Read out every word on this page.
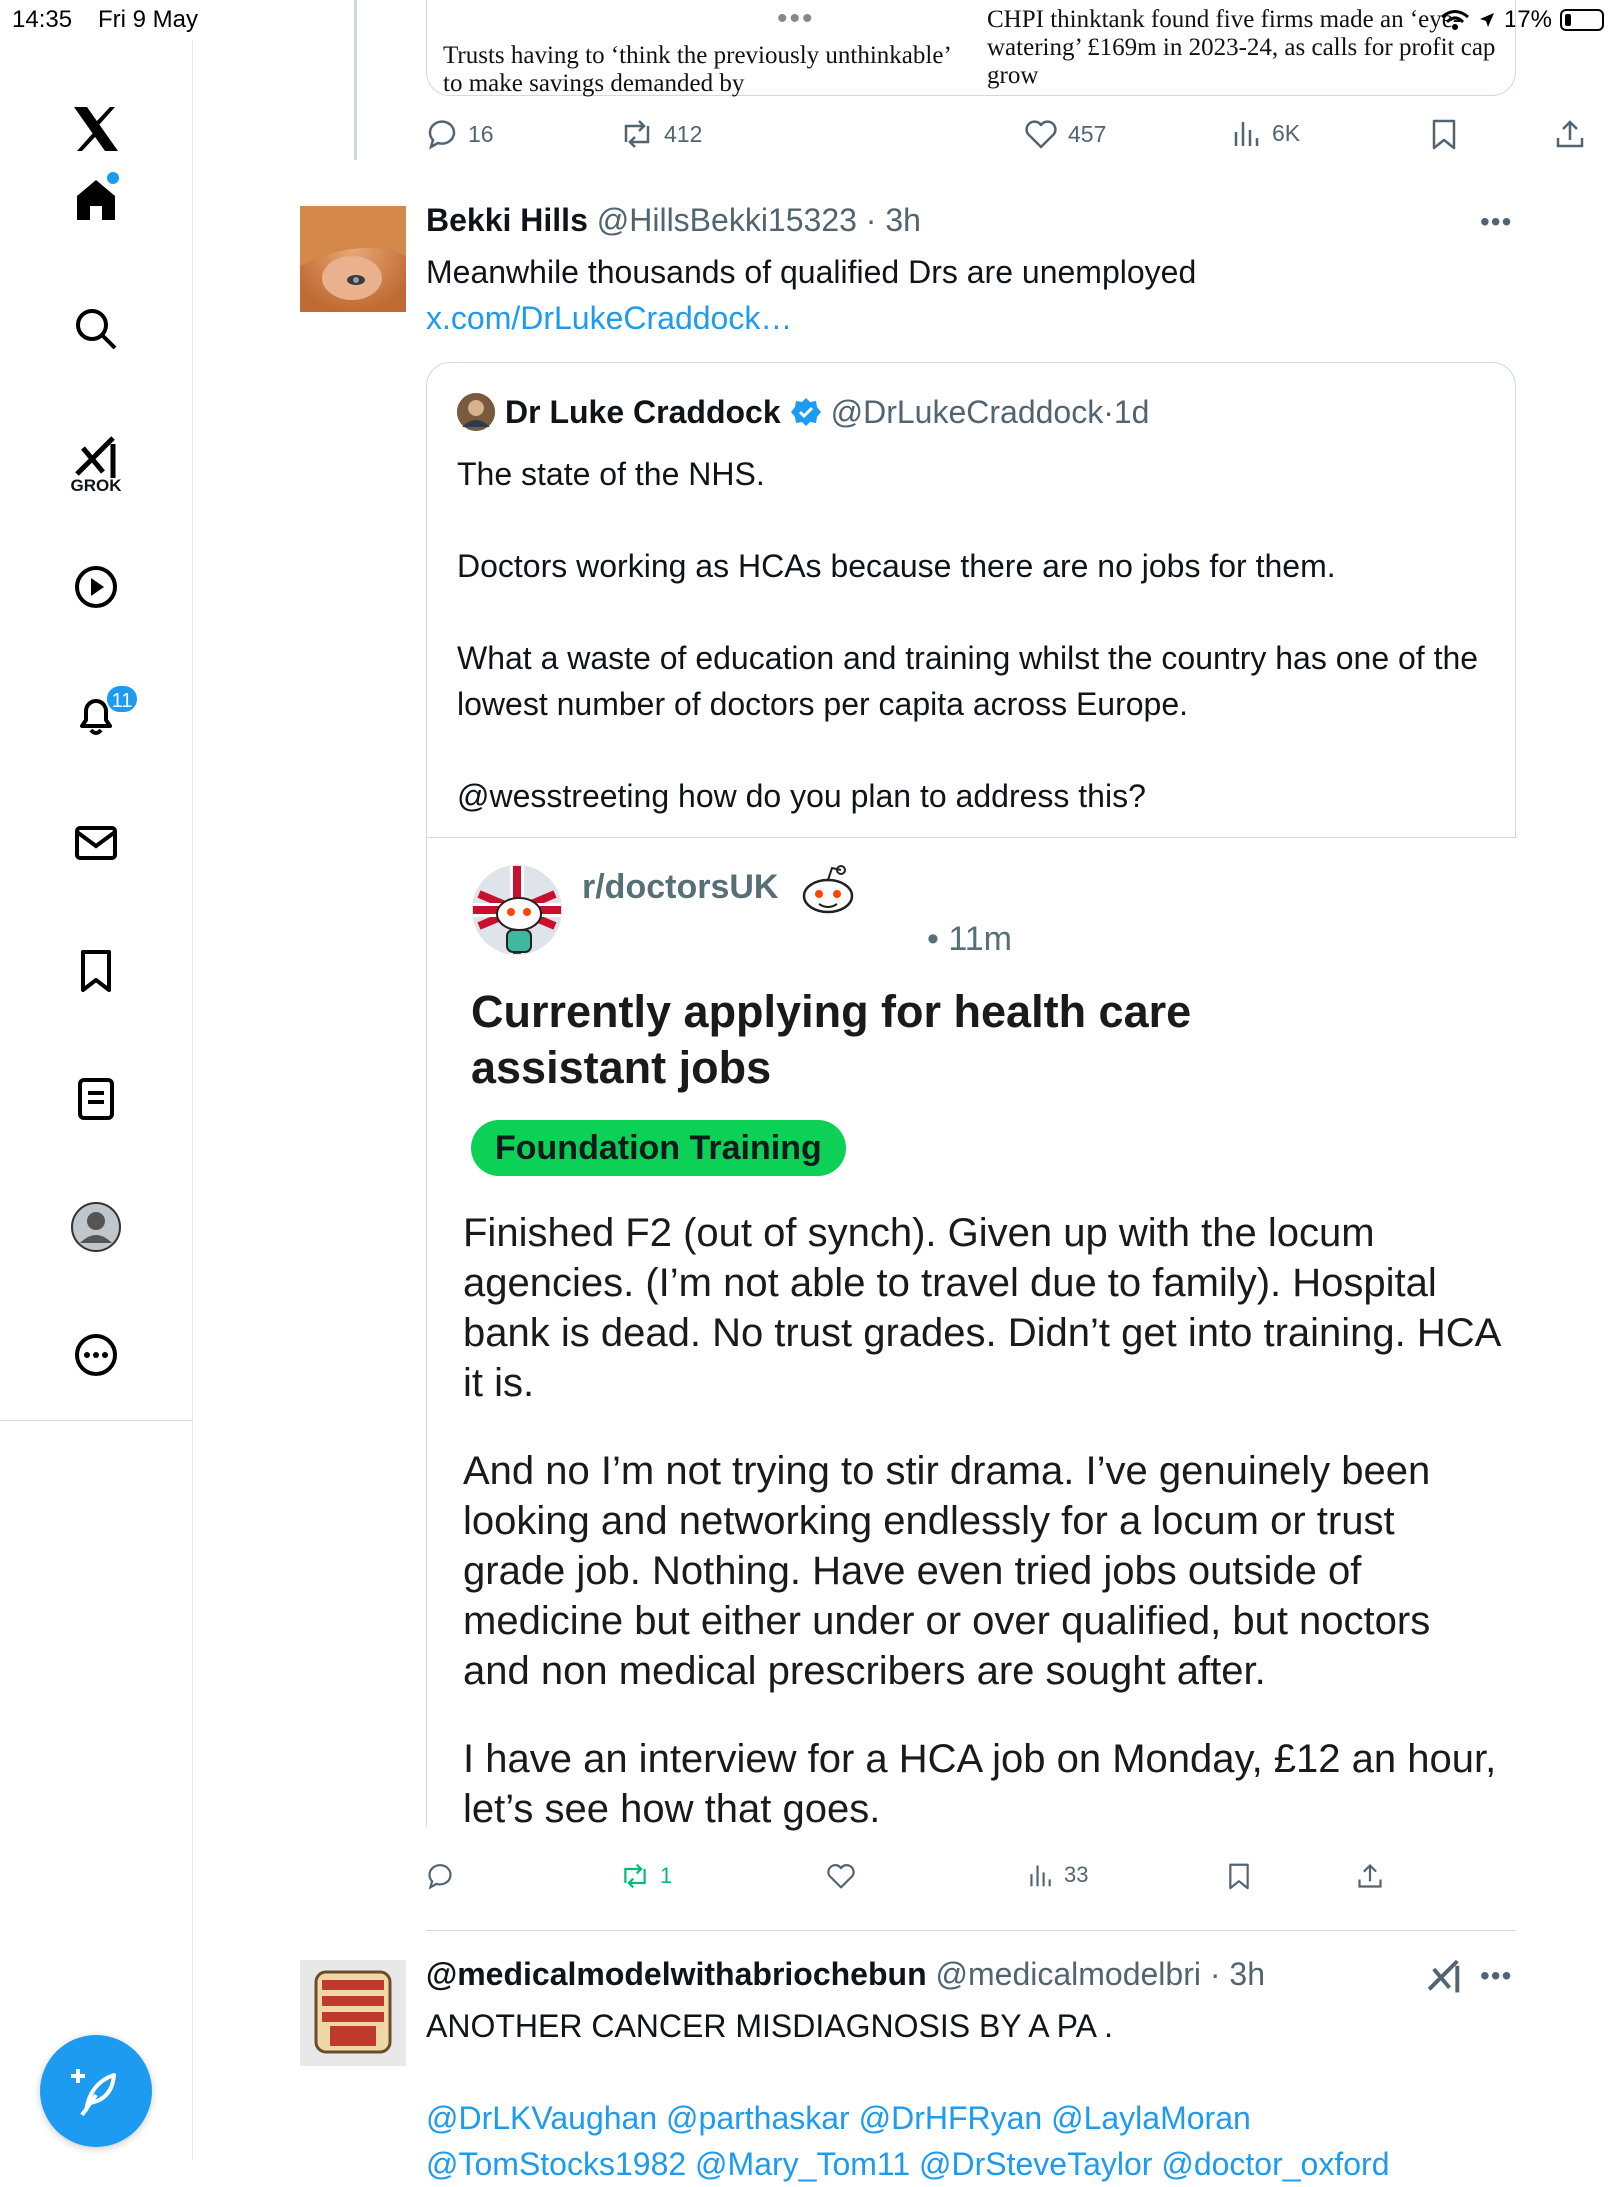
14:35 Fri 9 May	17%
GROK
11
•••
Trusts having to ‘think the previously unthinkable’ to make savings demanded by
CHPI thinktank found five firms made an ‘eye-watering’ £169m in 2023-24, as calls for profit cap grow
16	412	457	6K
Bekki Hills @HillsBekki15323 · 3h	•••
Meanwhile thousands of qualified Drs are unemployed
x.com/DrLukeCraddock…
Dr Luke Craddock @DrLukeCraddock · 1d
The state of the NHS.

Doctors working as HCAs because there are no jobs for them.

What a waste of education and training whilst the country has one of the lowest number of doctors per capita across Europe.

@wesstreeting how do you plan to address this?
r/doctorsUK
• 11m
Currently applying for health care assistant jobs
Foundation Training

Finished F2 (out of synch). Given up with the locum agencies. (I’m not able to travel due to family). Hospital bank is dead. No trust grades. Didn’t get into training. HCA it is.

And no I’m not trying to stir drama. I’ve genuinely been looking and networking endlessly for a locum or trust grade job. Nothing. Have even tried jobs outside of medicine but either under or over qualified, but noctors and non medical prescribers are sought after.

I have an interview for a HCA job on Monday, £12 an hour, let’s see how that goes.

1	33
@medicalmodelwithabriochebun @medicalmodelbri · 3h	•••
ANOTHER CANCER MISDIAGNOSIS BY A PA .
@DrLKVaughan @parthaskar @DrHFRyan @LaylaMoran
@TomStocks1982 @Mary_Tom11 @DrSteveTaylor @doctor_oxford
